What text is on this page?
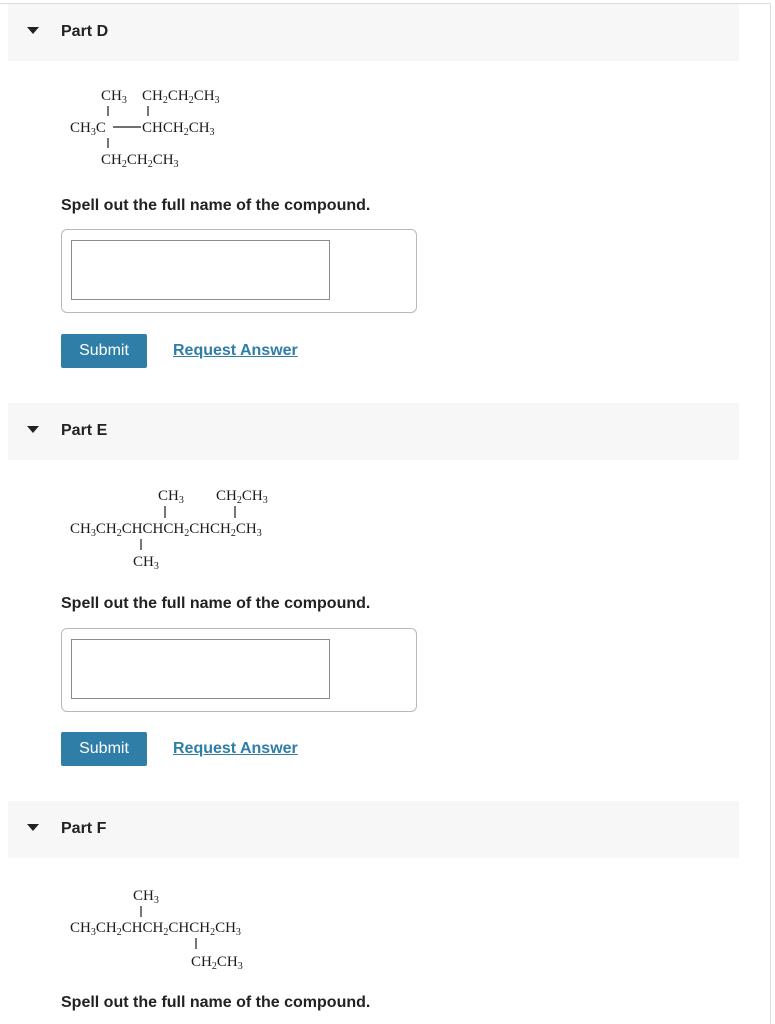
Part D
$CH_3$ $CH_2CH_2CH_3$
$CH_3C$ $CHCH_2CH_3$
$CH_2CH_2CH_3$
Spell out the full name of the compound.
Submit	Request Answer
Part E
$CH_3$ $CH_2CH_3$
$CH_3CH_2CHCHCH_2CHCH_2CH_3$
$CH_3$
Spell out the full name of the compound.
Submit	Request Answer
Part F
$CH_3$
$CH_3CH_2CHCH_2CHCH_2CH_3$
$CH_2CH_3$
Spell out the full name of the compound.
